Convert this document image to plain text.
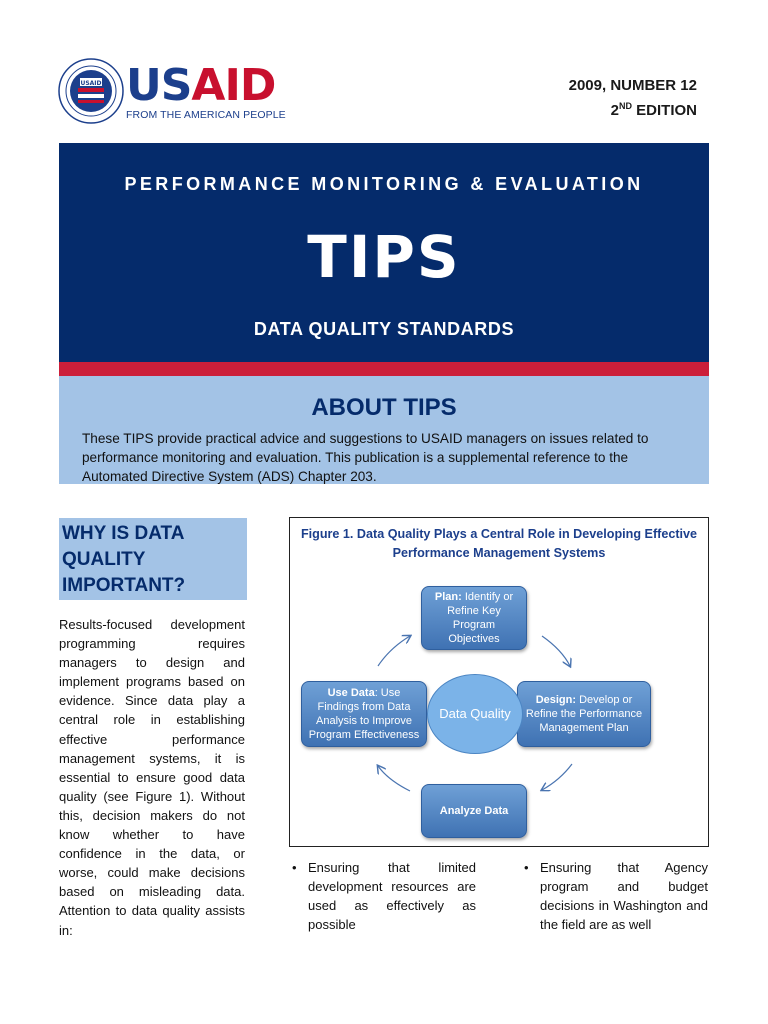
USAID USAID
FROM THE AMERICAN PEOPLE
2009, NUMBER 12
2ND EDITION
PERFORMANCE MONITORING & EVALUATION
TIPS
DATA QUALITY STANDARDS
ABOUT TIPS
These TIPS provide practical advice and suggestions to USAID managers on issues related to performance monitoring and evaluation. This publication is a supplemental reference to the Automated Directive System (ADS) Chapter 203.
WHY IS DATA QUALITY IMPORTANT?
Results-focused development programming requires managers to design and implement programs based on evidence. Since data play a central role in establishing effective performance management systems, it is essential to ensure good data quality (see Figure 1). Without this, decision makers do not know whether to have confidence in the data, or worse, could make decisions based on misleading data. Attention to data quality assists in:
Figure 1. Data Quality Plays a Central Role in Developing Effective Performance Management Systems
Plan: Identify or Refine Key Program Objectives
Design: Develop or Refine the Performance Management Plan
Use Data: Use Findings from Data Analysis to Improve Program Effectiveness
Analyze Data
Data Quality
• Ensuring that limited development resources are used as effectively as possible
• Ensuring that Agency program and budget decisions in Washington and the field are as well
